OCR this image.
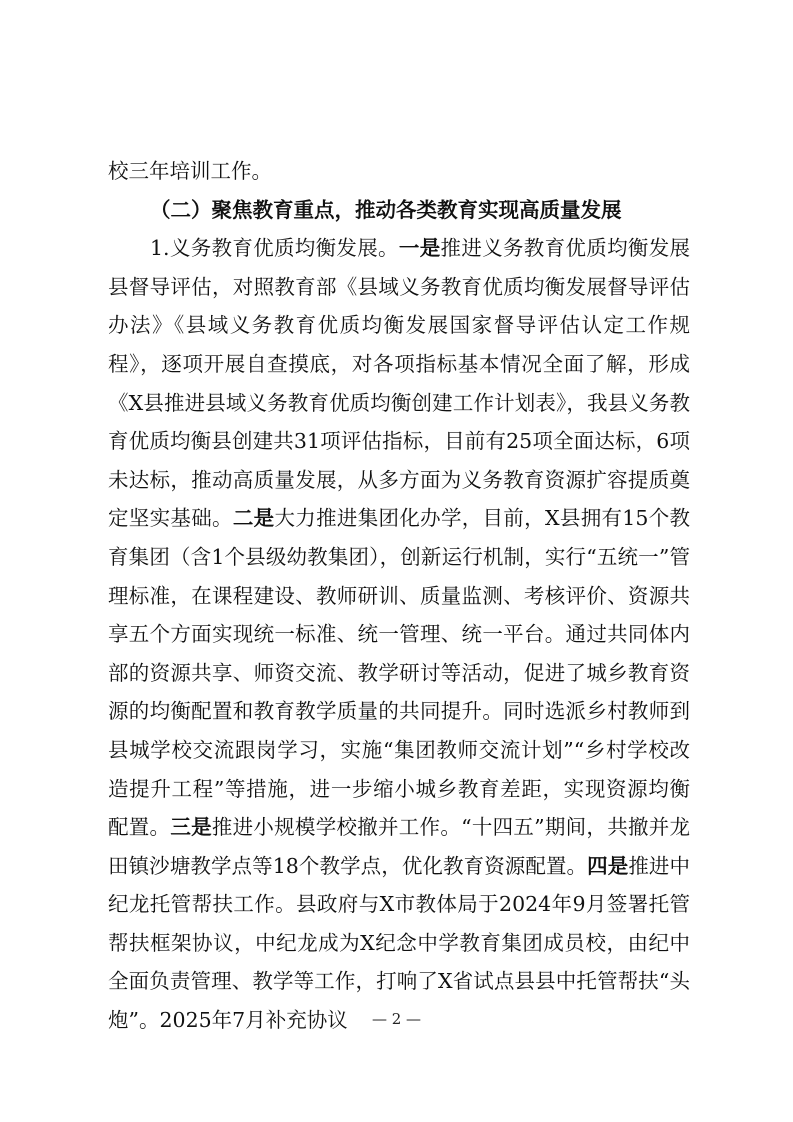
校三年培训工作。

（二）聚焦教育重点，推动各类教育实现高质量发展

1.义务教育优质均衡发展。一是推进义务教育优质均衡发展县督导评估，对照教育部《县域义务教育优质均衡发展督导评估办法》《县域义务教育优质均衡发展国家督导评估认定工作规程》，逐项开展自查摸底，对各项指标基本情况全面了解，形成《X县推进县域义务教育优质均衡创建工作计划表》，我县义务教育优质均衡县创建共31项评估指标，目前有25项全面达标，6项未达标，推动高质量发展，从多方面为义务教育资源扩容提质奠定坚实基础。二是大力推进集团化办学，目前，X县拥有15个教育集团（含1个县级幼教集团），创新运行机制，实行“五统一”管理标准，在课程建设、教师研训、质量监测、考核评价、资源共享五个方面实现统一标准、统一管理、统一平台。通过共同体内部的资源共享、师资交流、教学研讨等活动，促进了城乡教育资源的均衡配置和教育教学质量的共同提升。同时选派乡村教师到县城学校交流跟岗学习，实施“集团教师交流计划”“乡村学校改造提升工程”等措施，进一步缩小城乡教育差距，实现资源均衡配置。三是推进小规模学校撤并工作。“十四五”期间，共撤并龙田镇沙塘教学点等18个教学点，优化教育资源配置。四是推进中纪龙托管帮扶工作。县政府与X市教体局于2024年9月签署托管帮扶框架协议，中纪龙成为X纪念中学教育集团成员校，由纪中全面负责管理、教学等工作，打响了X省试点县县中托管帮扶“头炮”。2025年7月补充协议	— 2 —
